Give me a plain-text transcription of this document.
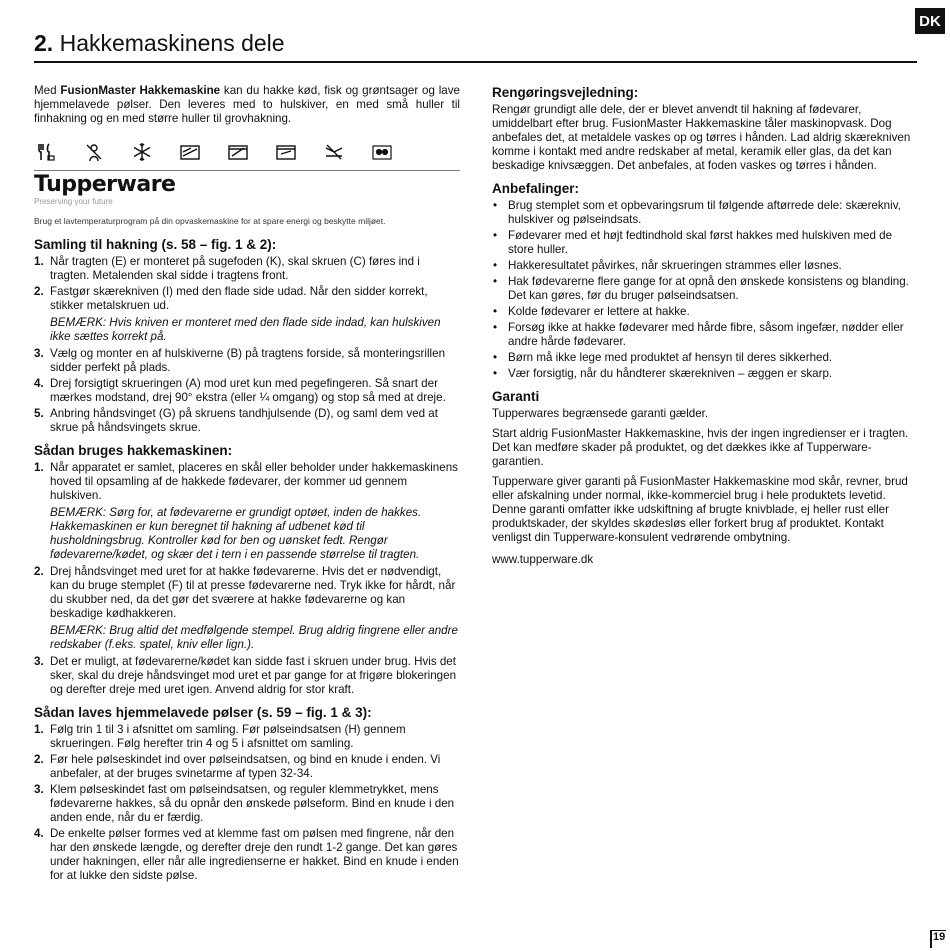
DK
2. Hakkemaskinens dele

Med FusionMaster Hakkemaskine kan du hakke kød, fisk og grøntsager og lave hjemmelavede pølser. Den leveres med to hulskiver, en med små huller til finhakning og en med større huller til grovhakning.

Tupperware
Preserving your future
Brug et lavtemperaturprogram på din opvaskemaskine for at spare energi og beskytte miljøet.
Samling til hakning (s. 58 – fig. 1 & 2):
1. Når tragten (E) er monteret på sugefoden (K), skal skruen (C) føres ind i tragten. Metalenden skal sidde i tragtens front.
2. Fastgør skærekniven (I) med den flade side udad. Når den sidder korrekt, stikker metalskruen ud.
BEMÆRK: Hvis kniven er monteret med den flade side indad, kan hulskiven ikke sættes korrekt på.
3. Vælg og monter en af hulskiverne (B) på tragtens forside, så monteringsrillen sidder perfekt på plads.
4. Drej forsigtigt skrueringen (A) mod uret kun med pegefingeren. Så snart der mærkes modstand, drej 90° ekstra (eller ¼ omgang) og stop så med at dreje.
5. Anbring håndsvinget (G) på skruens tandhjulsende (D), og saml dem ved at skrue på håndsvingets skrue.
Sådan bruges hakkemaskinen:
1. Når apparatet er samlet, placeres en skål eller beholder under hakkemaskinens hoved til opsamling af de hakkede fødevarer, der kommer ud gennem hulskiven.
BEMÆRK: Sørg for, at fødevarerne er grundigt optøet, inden de hakkes. Hakkemaskinen er kun beregnet til hakning af udbenet kød til husholdningsbrug. Kontroller kød for ben og uønsket fedt. Rengør fødevarerne/kødet, og skær det i tern i en passende størrelse til tragten.
2. Drej håndsvinget med uret for at hakke fødevarerne. Hvis det er nødvendigt, kan du bruge stemplet (F) til at presse fødevarerne ned. Tryk ikke for hårdt, når du skubber ned, da det gør det sværere at hakke fødevarerne og kan beskadige kødhakkeren.
BEMÆRK: Brug altid det medfølgende stempel. Brug aldrig fingrene eller andre redskaber (f.eks. spatel, kniv eller lign.).
3. Det er muligt, at fødevarerne/kødet kan sidde fast i skruen under brug. Hvis det sker, skal du dreje håndsvinget mod uret et par gange for at frigøre blokeringen og derefter dreje med uret igen. Anvend aldrig for stor kraft.
Sådan laves hjemmelavede pølser (s. 59 – fig. 1 & 3):
1. Følg trin 1 til 3 i afsnittet om samling. Før pølseindsatsen (H) gennem skrueringen. Følg herefter trin 4 og 5 i afsnittet om samling.
2. Før hele pølseskindet ind over pølseindsatsen, og bind en knude i enden. Vi anbefaler, at der bruges svinetarme af typen 32-34.
3. Klem pølseskindet fast om pølseindsatsen, og reguler klemmetrykket, mens fødevarerne hakkes, så du opnår den ønskede pølseform. Bind en knude i den anden ende, når du er færdig.
4. De enkelte pølser formes ved at klemme fast om pølsen med fingrene, når den har den ønskede længde, og derefter dreje den rundt 1-2 gange. Det kan gøres under hakningen, eller når alle ingredienserne er hakket. Bind en knude i enden for at lukke den sidste pølse.
Rengøringsvejledning:

Rengør grundigt alle dele, der er blevet anvendt til hakning af fødevarer, umiddelbart efter brug. FusionMaster Hakkemaskine tåler maskinopvask. Dog anbefales det, at metaldele vaskes op og tørres i hånden. Lad aldrig skærekniven komme i kontakt med andre redskaber af metal, keramik eller glas, da det kan beskadige knivsæggen. Det anbefales, at foden vaskes og tørres i hånden.

Anbefalinger:
• Brug stemplet som et opbevaringsrum til følgende aftørrede dele: skærekniv, hulskiver og pølseindsats.
• Fødevarer med et højt fedtindhold skal først hakkes med hulskiven med de store huller.
• Hakkeresultatet påvirkes, når skrueringen strammes eller løsnes.
• Hak fødevarerne flere gange for at opnå den ønskede konsistens og blanding. Det kan gøres, før du bruger pølseindsatsen.
• Kolde fødevarer er lettere at hakke.
• Forsøg ikke at hakke fødevarer med hårde fibre, såsom ingefær, nødder eller andre hårde fødevarer.
• Børn må ikke lege med produktet af hensyn til deres sikkerhed.
• Vær forsigtig, når du håndterer skærekniven – æggen er skarp.
Garanti

Tupperwares begrænsede garanti gælder.

Start aldrig FusionMaster Hakkemaskine, hvis der ingen ingredienser er i tragten. Det kan medføre skader på produktet, og det dækkes ikke af Tupperware-garantien.

Tupperware giver garanti på FusionMaster Hakkemaskine mod skår, revner, brud eller afskalning under normal, ikke-kommerciel brug i hele produktets levetid. Denne garanti omfatter ikke udskiftning af brugte knivblade, ej heller rust eller produktskader, der skyldes skødesløs eller forkert brug af produktet. Kontakt venligst din Tupperware-konsulent vedrørende ombytning.

www.tupperware.dk

19
